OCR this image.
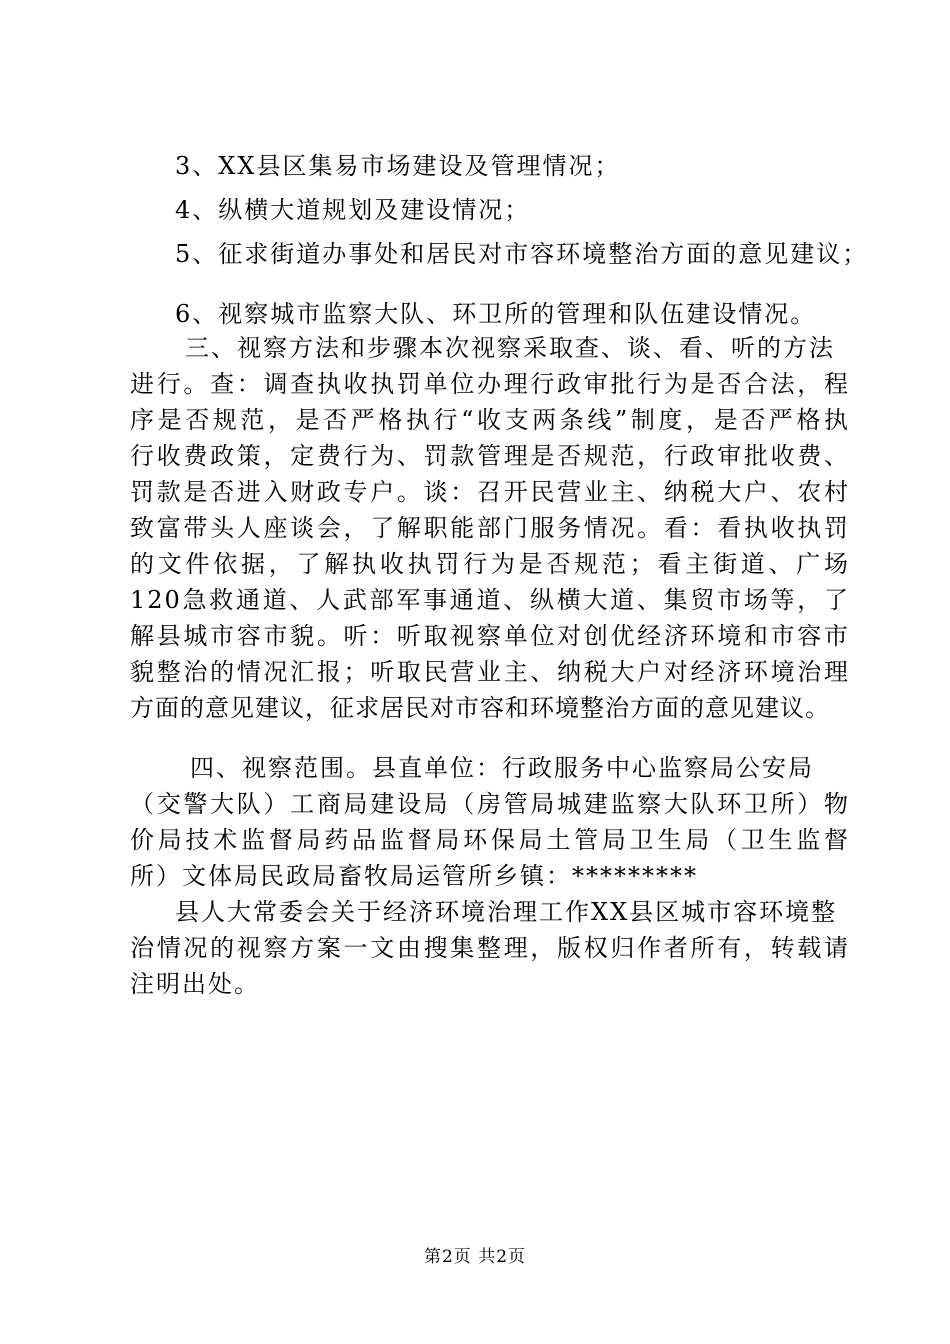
3、XX县区集易市场建设及管理情况；
4、纵横大道规划及建设情况；
5、征求街道办事处和居民对市容环境整治方面的意见建议；
6、视察城市监察大队、环卫所的管理和队伍建设情况。
三、视察方法和步骤本次视察采取查、谈、看、听的方法
进行。查：调查执收执罚单位办理行政审批行为是否合法，程
序是否规范，是否严格执行“收支两条线”制度，是否严格执
行收费政策，定费行为、罚款管理是否规范，行政审批收费、
罚款是否进入财政专户。谈：召开民营业主、纳税大户、农村
致富带头人座谈会，了解职能部门服务情况。看：看执收执罚
的文件依据，了解执收执罚行为是否规范；看主街道、广场
120急救通道、人武部军事通道、纵横大道、集贸市场等，了
解县城市容市貌。听：听取视察单位对创优经济环境和市容市
貌整治的情况汇报；听取民营业主、纳税大户对经济环境治理
方面的意见建议，征求居民对市容和环境整治方面的意见建议。
四、视察范围。县直单位：行政服务中心监察局公安局
（交警大队）工商局建设局（房管局城建监察大队环卫所）物
价局技术监督局药品监督局环保局土管局卫生局（卫生监督
所）文体局民政局畜牧局运管所乡镇：*********
县人大常委会关于经济环境治理工作XX县区城市容环境整
治情况的视察方案一文由搜集整理，版权归作者所有，转载请
注明出处。
第2页 共2页
